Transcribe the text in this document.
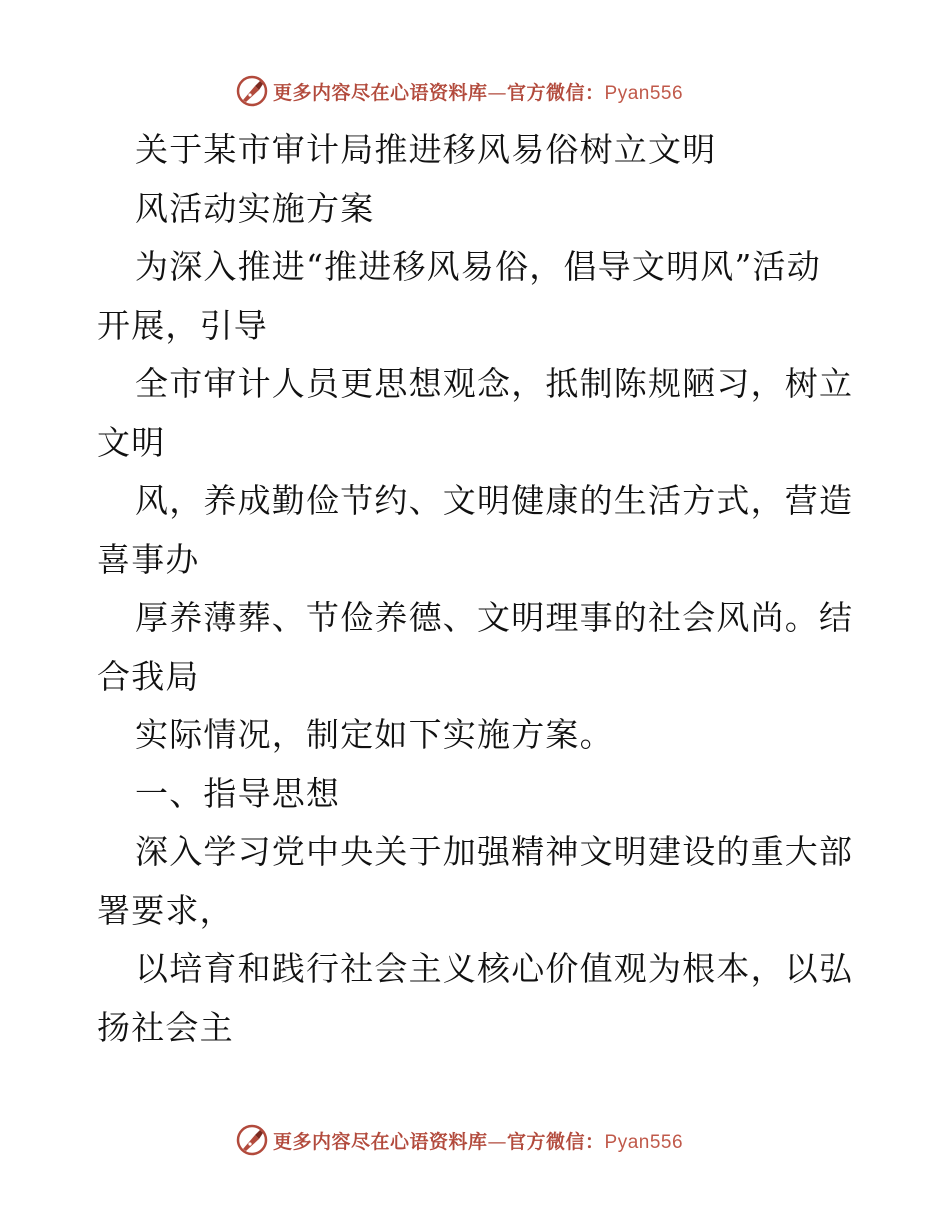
更多内容尽在心语资料库—官方微信：Pyan556
关于某市审计局推进移风易俗树立文明
风活动实施方案
为深入推进“推进移风易俗，倡导文明风”活动
开展，引导
全市审计人员更思想观念，抵制陈规陋习，树立
文明
风，养成勤俭节约、文明健康的生活方式，营造
喜事办
厚养薄葬、节俭养德、文明理事的社会风尚。结
合我局
实际情况，制定如下实施方案。
一、指导思想
深入学习党中央关于加强精神文明建设的重大部
署要求，
以培育和践行社会主义核心价值观为根本，以弘
扬社会主
更多内容尽在心语资料库—官方微信：Pyan556
